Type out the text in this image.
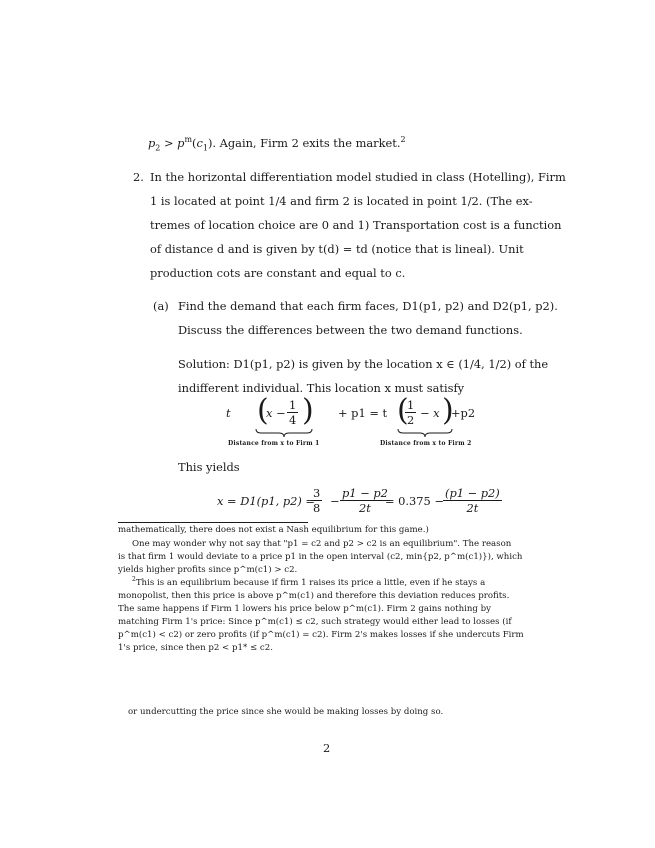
$p_2 > p^m(c_1)$. Again, Firm 2 exits the market.$^2$
2. In the horizontal differentiation model studied in class (Hotelling), Firm
1 is located at point 1/4 and firm 2 is located in point 1/2. (The ex-
tremes of location choice are 0 and 1) Transportation cost is a function
of distance d and is given by t(d) = td (notice that is lineal). Unit
production cots are constant and equal to c.
(a) Find the demand that each firm faces, D1(p1, p2) and D2(p1, p2).
Discuss the differences between the two demand functions.
Solution: D1(p1, p2) is given by the location x ∈ (1/4, 1/2) of the
indifferent individual. This location x must satisfy
t (
$x - \frac{1}{4}$ ) + p1 = t (
$\frac{1}{2} - x$ )
+p2
Distance from x to Firm 1	Distance from x to Firm 2
This yields
x = D1(p1, p2) =
$\frac{3}{8} - \frac{p1 - p2}{2t}$
= $0.375 - \frac{(p1 - p2)}{2t}$
mathematically, there does not exist a Nash equilibrium for this game.)
One may wonder why not say that "p1 = c2 and p2 > c2 is an equilibrium". The reason
is that firm 1 would deviate to a price p1 in the open interval (c2, min{p2, p^m(c1)}), which
yields higher profits since p^m(c1) > c2.
$^2$This is an equilibrium because if firm 1 raises its price a little, even if he stays a
monopolist, then this price is above p^m(c1) and therefore this deviation reduces profits.
The same happens if Firm 1 lowers his price below p^m(c1). Firm 2 gains nothing by
matching Firm 1's price: Since p^m(c1) ≤ c2, such strategy would either lead to losses (if
p^m(c1) < c2) or zero profits (if p^m(c1) = c2). Firm 2's makes losses if she undercuts Firm
1's price, since then p2 < p1* ≤ c2.
or undercutting the price since she would be making losses by doing so.
2
